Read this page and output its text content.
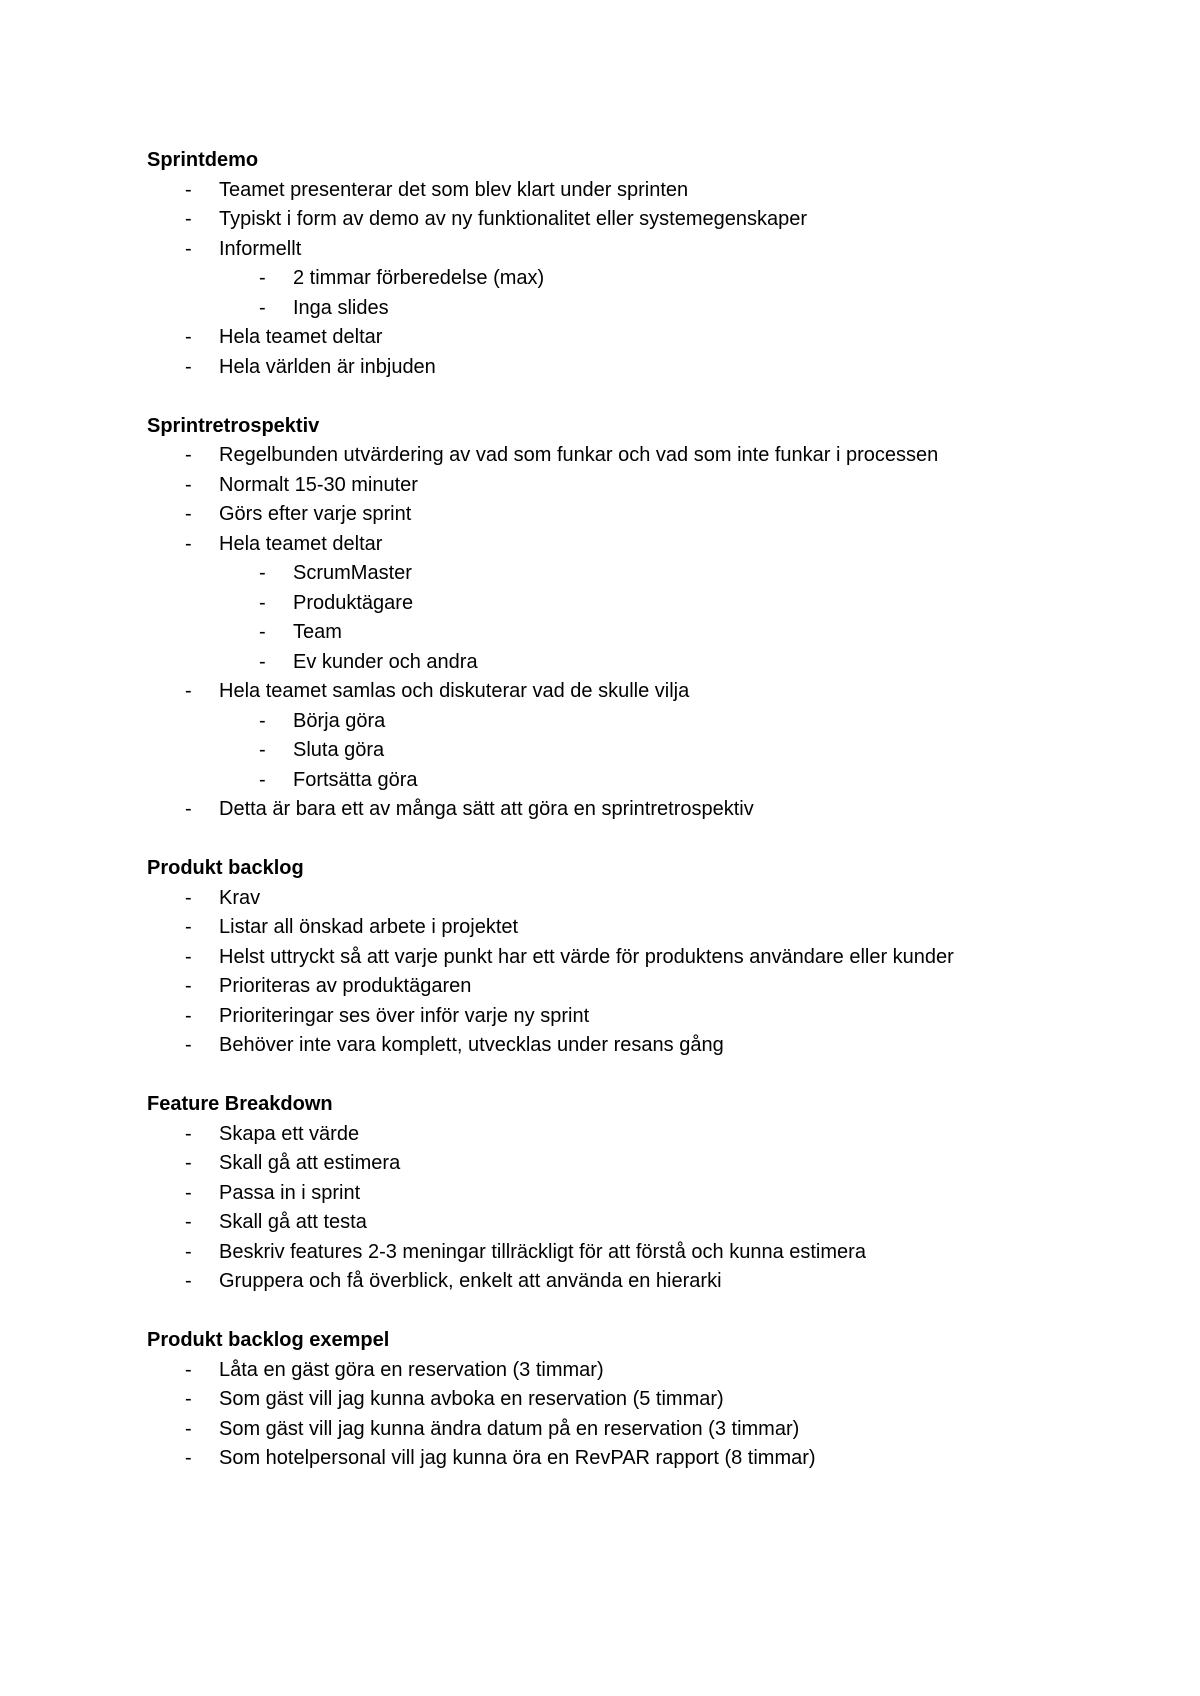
Sprintdemo
- Teamet presenterar det som blev klart under sprinten
- Typiskt i form av demo av ny funktionalitet eller systemegenskaper
- Informellt
- 2 timmar förberedelse (max)
- Inga slides
- Hela teamet deltar
- Hela världen är inbjuden
Sprintretrospektiv
- Regelbunden utvärdering av vad som funkar och vad som inte funkar i processen
- Normalt 15-30 minuter
- Görs efter varje sprint
- Hela teamet deltar
- ScrumMaster
- Produktägare
- Team
- Ev kunder och andra
- Hela teamet samlas och diskuterar vad de skulle vilja
- Börja göra
- Sluta göra
- Fortsätta göra
- Detta är bara ett av många sätt att göra en sprintretrospektiv
Produkt backlog
- Krav
- Listar all önskad arbete i projektet
- Helst uttryckt så att varje punkt har ett värde för produktens användare eller kunder
- Prioriteras av produktägaren
- Prioriteringar ses över inför varje ny sprint
- Behöver inte vara komplett, utvecklas under resans gång
Feature Breakdown
- Skapa ett värde
- Skall gå att estimera
- Passa in i sprint
- Skall gå att testa
- Beskriv features 2-3 meningar tillräckligt för att förstå och kunna estimera
- Gruppera och få överblick, enkelt att använda en hierarki
Produkt backlog exempel
- Låta en gäst göra en reservation (3 timmar)
- Som gäst vill jag kunna avboka en reservation (5 timmar)
- Som gäst vill jag kunna ändra datum på en reservation (3 timmar)
- Som hotelpersonal vill jag kunna öra en RevPAR rapport (8 timmar)
